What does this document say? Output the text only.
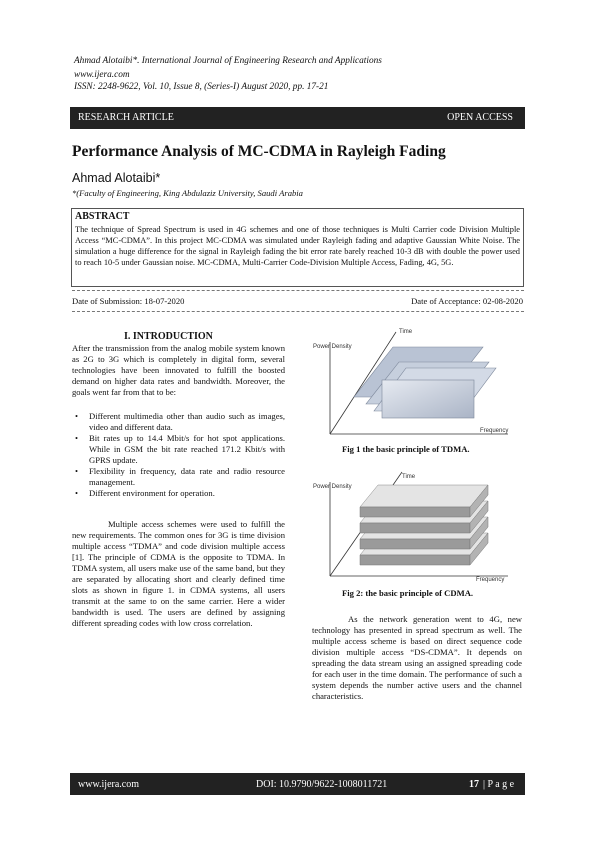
Ahmad Alotaibi*. International Journal of Engineering Research and Applications
www.ijera.com
ISSN: 2248-9622, Vol. 10, Issue 8, (Series-I) August 2020, pp. 17-21
RESEARCH ARTICLE	OPEN ACCESS
Performance Analysis of MC-CDMA in Rayleigh Fading
Ahmad Alotaibi*
*(Faculty of Engineering, King Abdulaziz University, Saudi Arabia
ABSTRACT
The technique of Spread Spectrum is used in 4G schemes and one of those techniques is Multi Carrier code Division Multiple Access “MC-CDMA”. In this project MC-CDMA was simulated under Rayleigh fading and adaptive Gaussian White Noise. The simulation a huge difference for the signal in Rayleigh fading the bit error rate barely reached 10-3 dB with double the power used to reach 10-5 under Gaussian noise. MC-CDMA, Multi-Carrier Code-Division Multiple Access, Fading, 4G, 5G.
Date of Submission: 18-07-2020	Date of Acceptance: 02-08-2020
I. INTRODUCTION
After the transmission from the analog mobile system known as 2G to 3G which is completely in digital form, several technologies have been innovated to fulfill the boosted demand on higher data rates and bandwidth. Moreover, the goals went far from that to be:
• Different multimedia other than audio such as images, video and different data.
• Bit rates up to 14.4 Mbit/s for hot spot applications. While in GSM the bit rate reached 171.2 Kbit/s with GPRS update.
• Flexibility in frequency, data rate and radio resource management.
• Different environment for operation.
Multiple access schemes were used to fulfill the new requirements. The common ones for 3G is time division multiple access “TDMA” and code division multiple access [1]. The principle of CDMA is the opposite to TDMA. In TDMA system, all users make use of the same band, but they are separated by allocating short and clearly defined time slots as shown in figure 1. in CDMA systems, all users transmit at the same to on the same carrier. Here a wider bandwidth is used. The users are defined by assigning different spreading codes with low cross correlation.
Power Density
Time
Frequency
Fig 1 the basic principle of TDMA.
Power Density
Time
Frequency
Fig 2: the basic principle of CDMA.
As the network generation went to 4G, new technology has presented in spread spectrum as well. The multiple access scheme is based on direct sequence code division multiple access “DS-CDMA”. It depends on spreading the data stream using an assigned spreading code for each user in the time domain. The performance of such a system depends the number active users and the channel characteristics.
www.ijera.com	DOI: 10.9790/9622-1008011721	17 | P a g e
